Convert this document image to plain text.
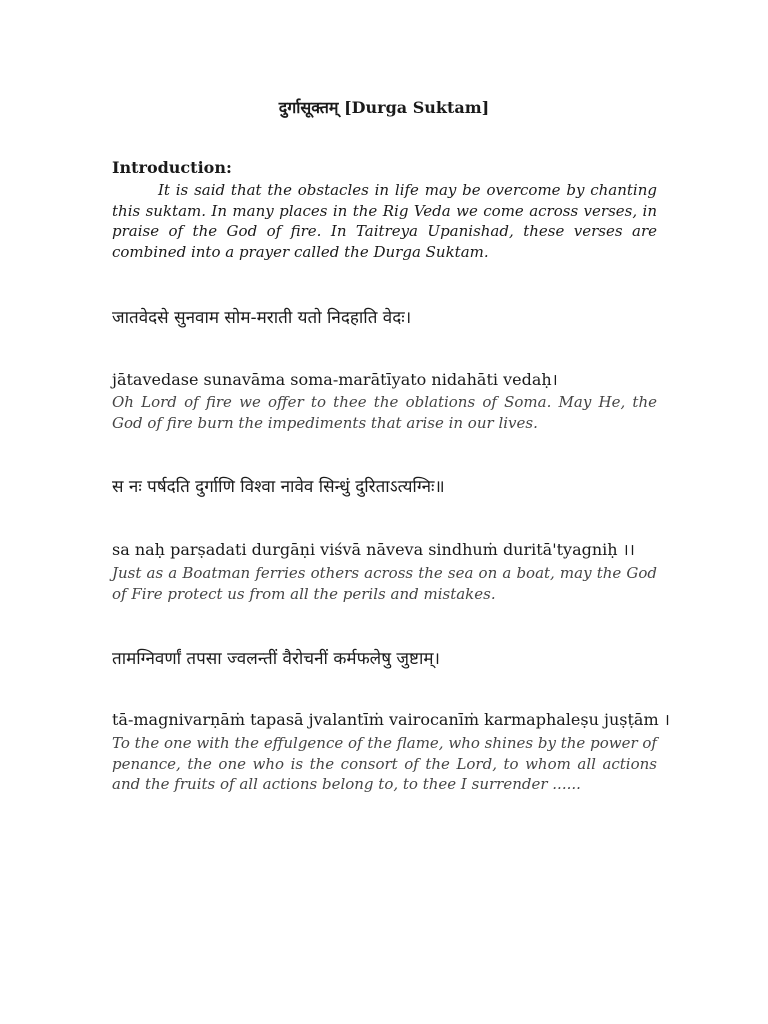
दुर्गासूक्तम् [Durga Suktam]
Introduction:
It is said that the obstacles in life may be overcome by chanting this suktam. In many places in the Rig Veda we come across verses, in praise of the God of fire. In Taitreya Upanishad, these verses are combined into a prayer called the Durga Suktam.
जातवेदसे सुनवाम सोम-मराती यतो निदहाति वेदः।
jātavedase sunavāma soma-marātīyato nidahāti vedaḥ।
Oh Lord of fire we offer to thee the oblations of Soma. May He, the God of fire burn the impediments that arise in our lives.
स नः पर्षदति दुर्गाणि विश्वा नावेव सिन्धुं दुरिताऽत्यग्निः॥
sa naḥ parṣadati durgāṇi viśvā nāveva sindhuṁ duritā'tyagniḥ ।।
Just as a Boatman ferries others across the sea on a boat, may the God of Fire protect us from all the perils and mistakes.
तामग्निवर्णां तपसा ज्वलन्तीं वैरोचनीं कर्मफलेषु जुष्टाम्।
tā-magnivarṇāṁ tapasā jvalantīṁ vairocanīṁ karmaphaleṣu juṣṭām ।
To the one with the effulgence of the flame, who shines by the power of penance, the one who is the consort of the Lord, to whom all actions and the fruits of all actions belong to, to thee I surrender ......
